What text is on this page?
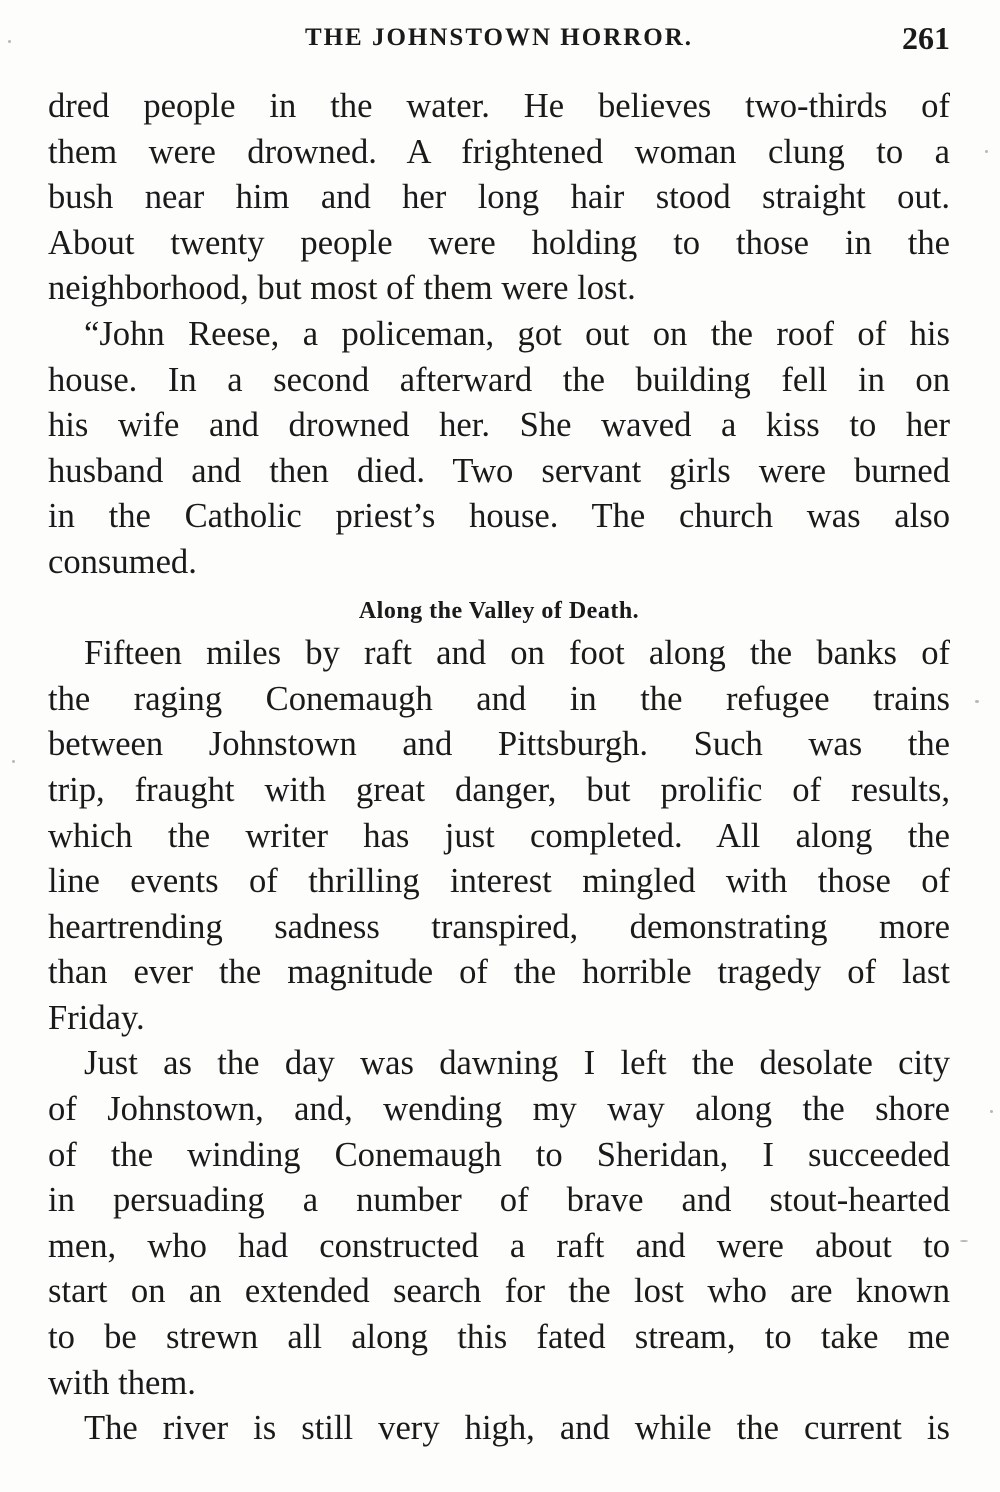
THE JOHNSTOWN HORROR.	261
dred people in the water. He believes two-thirds of
them were drowned. A frightened woman clung to a
bush near him and her long hair stood straight out.
About twenty people were holding to those in the
neighborhood, but most of them were lost.
“John Reese, a policeman, got out on the roof of his
house. In a second afterward the building fell in on
his wife and drowned her. She waved a kiss to her
husband and then died. Two servant girls were burned
in the Catholic priest’s house. The church was also
consumed.
Along the Valley of Death.
Fifteen miles by raft and on foot along the banks of
the raging Conemaugh and in the refugee trains
between Johnstown and Pittsburgh. Such was the
trip, fraught with great danger, but prolific of results,
which the writer has just completed. All along the
line events of thrilling interest mingled with those of
heartrending sadness transpired, demonstrating more
than ever the magnitude of the horrible tragedy of last
Friday.
Just as the day was dawning I left the desolate city
of Johnstown, and, wending my way along the shore
of the winding Conemaugh to Sheridan, I succeeded
in persuading a number of brave and stout-hearted
men, who had constructed a raft and were about to
start on an extended search for the lost who are known
to be strewn all along this fated stream, to take me
with them.
The river is still very high, and while the current is
